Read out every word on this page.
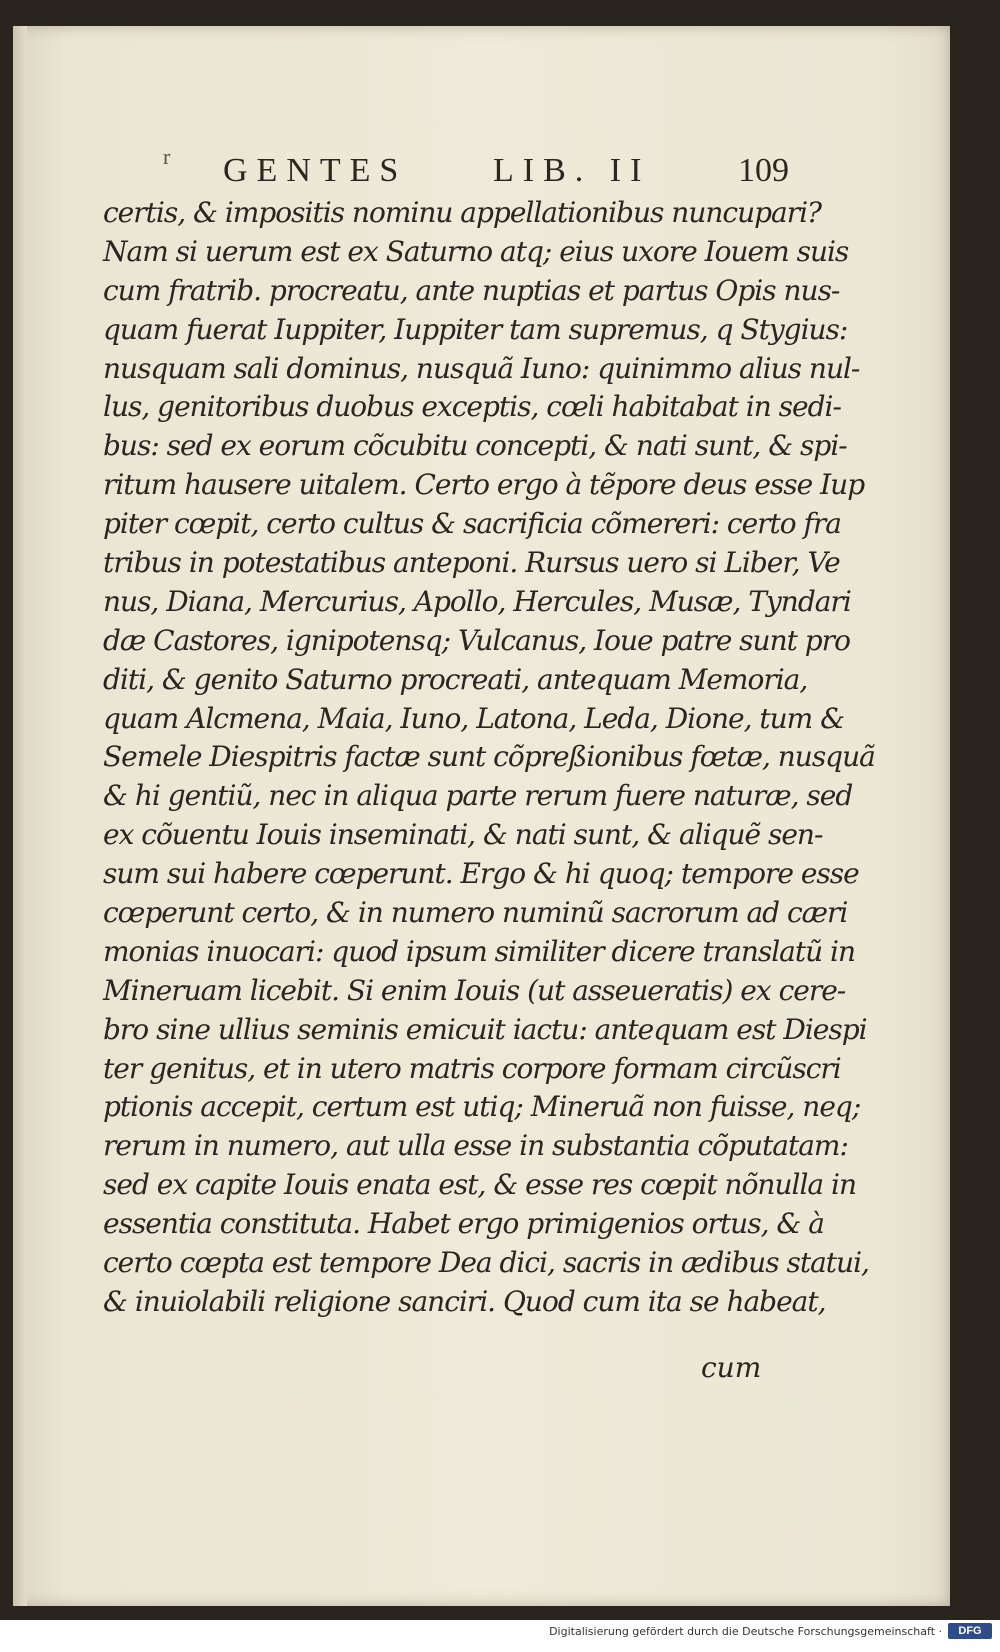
r GENTES	LIB. II	109
certis, & impositis nominu appellationibus nuncupari?
Nam si uerum est ex Saturno atq; eius uxore Iouem suis
cum fratrib. procreatu, ante nuptias et partus Opis nus-
quam fuerat Iuppiter, Iuppiter tam supremus, q Stygius:
nusquam sali dominus, nusquã Iuno: quinimmo alius nul-
lus, genitoribus duobus exceptis, cœli habitabat in sedi-
bus: sed ex eorum cõcubitu concepti, & nati sunt, & spi-
ritum hausere uitalem. Certo ergo à tẽpore deus esse Iup
piter cœpit, certo cultus & sacrificia cõmereri: certo fra
tribus in potestatibus anteponi. Rursus uero si Liber, Ve
nus, Diana, Mercurius, Apollo, Hercules, Musæ, Tyndari
dæ Castores, ignipotensq; Vulcanus, Ioue patre sunt pro
diti, & genito Saturno procreati, antequam Memoria,
quam Alcmena, Maia, Iuno, Latona, Leda, Dione, tum &
Semele Diespitris factæ sunt cõpreßionibus fœtæ, nusquã
& hi gentiũ, nec in aliqua parte rerum fuere naturæ, sed
ex cõuentu Iouis inseminati, & nati sunt, & aliquẽ sen-
sum sui habere cœperunt. Ergo & hi quoq; tempore esse
cœperunt certo, & in numero numinũ sacrorum ad cæri
monias inuocari: quod ipsum similiter dicere translatũ in
Mineruam licebit. Si enim Iouis (ut asseueratis) ex cere-
bro sine ullius seminis emicuit iactu: antequam est Diespi
ter genitus, et in utero matris corpore formam circũscri
ptionis accepit, certum est utiq; Mineruã non fuisse, neq;
rerum in numero, aut ulla esse in substantia cõputatam:
sed ex capite Iouis enata est, & esse res cœpit nõnulla in
essentia constituta. Habet ergo primigenios ortus, & à
certo cœpta est tempore Dea dici, sacris in ædibus statui,
& inuiolabili religione sanciri. Quod cum ita se habeat,
cum
Digitalisierung gefördert durch die Deutsche Forschungsgemeinschaft ·	DFG
